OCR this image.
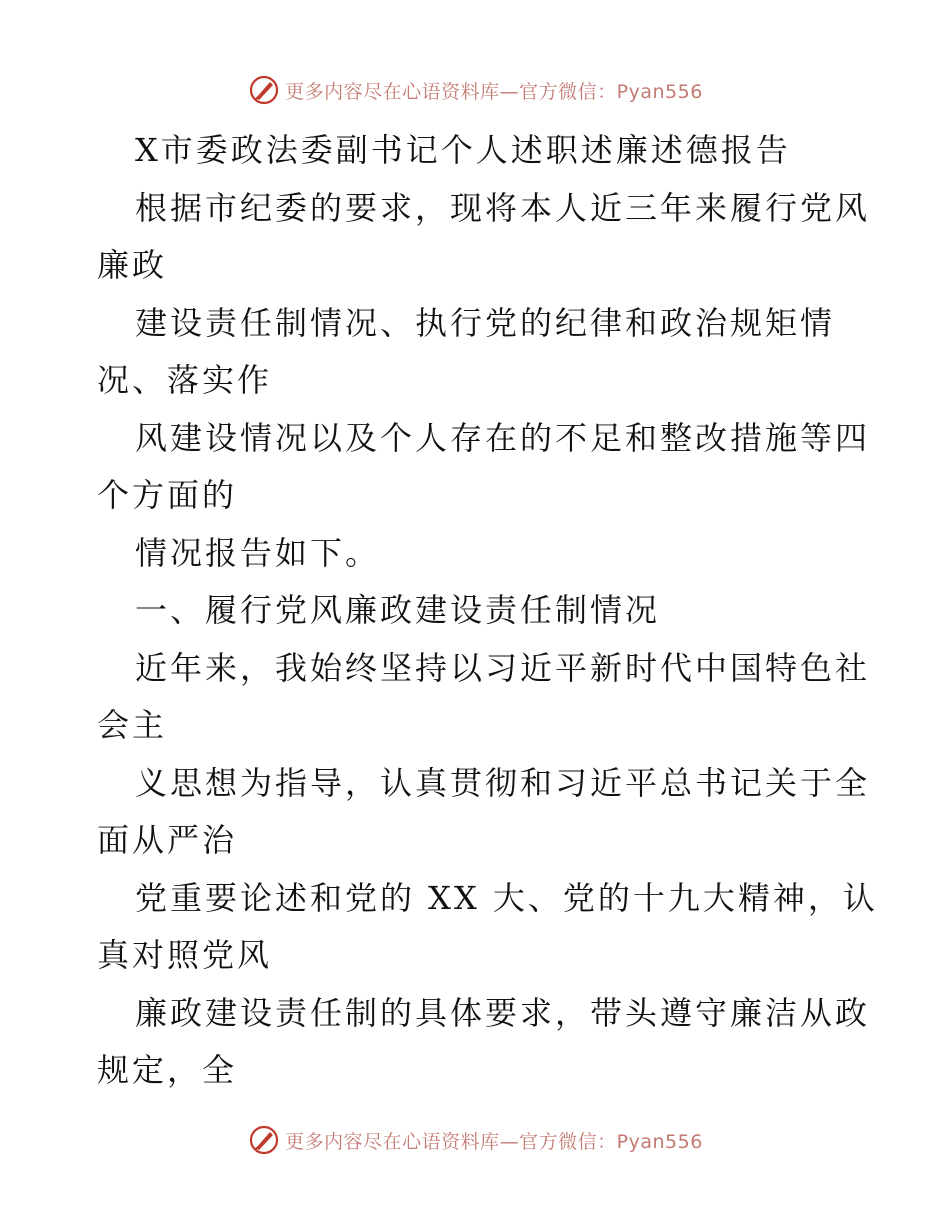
更多内容尽在心语资料库—官方微信：Pyan556
X市委政法委副书记个人述职述廉述德报告
根据市纪委的要求，现将本人近三年来履行党风
廉政
建设责任制情况、执行党的纪律和政治规矩情
况、落实作
风建设情况以及个人存在的不足和整改措施等四
个方面的
情况报告如下。
一、履行党风廉政建设责任制情况
近年来，我始终坚持以习近平新时代中国特色社
会主
义思想为指导，认真贯彻和习近平总书记关于全
面从严治
党重要论述和党的 XX 大、党的十九大精神，认
真对照党风
廉政建设责任制的具体要求，带头遵守廉洁从政
规定，全
更多内容尽在心语资料库—官方微信：Pyan556
